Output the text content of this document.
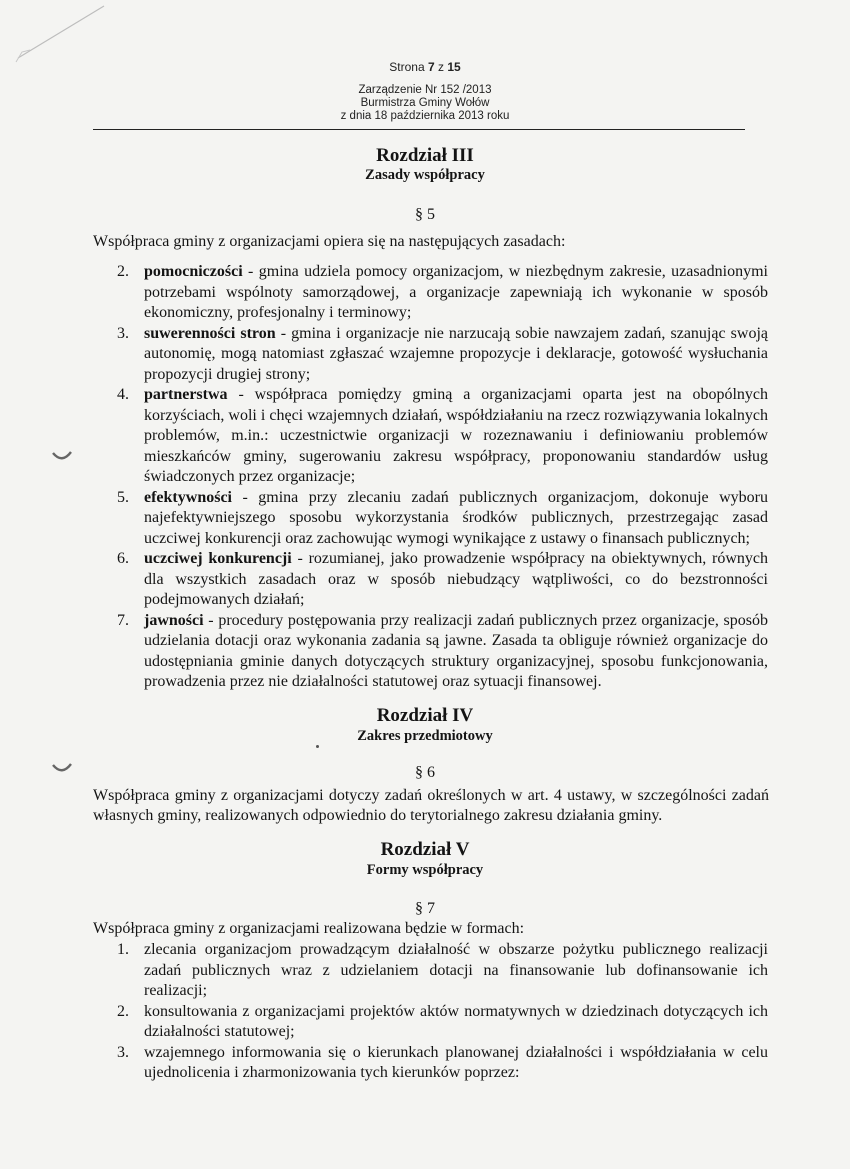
Strona 7 z 15
Zarządzenie Nr 152 /2013
Burmistrza Gminy Wołów
z dnia 18 października 2013 roku
Rozdział III
Zasady współpracy
§ 5
Współpraca gminy z organizacjami opiera się na następujących zasadach:
2. pomocniczości - gmina udziela pomocy organizacjom, w niezbędnym zakresie, uzasadnionymi potrzebami wspólnoty samorządowej, a organizacje zapewniają ich wykonanie w sposób ekonomiczny, profesjonalny i terminowy;
3. suwerenności stron - gmina i organizacje nie narzucają sobie nawzajem zadań, szanując swoją autonomię, mogą natomiast zgłaszać wzajemne propozycje i deklaracje, gotowość wysłuchania propozycji drugiej strony;
4. partnerstwa - współpraca pomiędzy gminą a organizacjami oparta jest na obopólnych korzyściach, woli i chęci wzajemnych działań, współdziałaniu na rzecz rozwiązywania lokalnych problemów, m.in.: uczestnictwie organizacji w rozeznawaniu i definiowaniu problemów mieszkańców gminy, sugerowaniu zakresu współpracy, proponowaniu standardów usług świadczonych przez organizacje;
5. efektywności - gmina przy zlecaniu zadań publicznych organizacjom, dokonuje wyboru najefektywniejszego sposobu wykorzystania środków publicznych, przestrzegając zasad uczciwej konkurencji oraz zachowując wymogi wynikające z ustawy o finansach publicznych;
6. uczciwej konkurencji - rozumianej, jako prowadzenie współpracy na obiektywnych, równych dla wszystkich zasadach oraz w sposób niebudzący wątpliwości, co do bezstronności podejmowanych działań;
7. jawności - procedury postępowania przy realizacji zadań publicznych przez organizacje, sposób udzielania dotacji oraz wykonania zadania są jawne. Zasada ta obliguje również organizacje do udostępniania gminie danych dotyczących struktury organizacyjnej, sposobu funkcjonowania, prowadzenia przez nie działalności statutowej oraz sytuacji finansowej.
Rozdział IV
Zakres przedmiotowy
§ 6
Współpraca gminy z organizacjami dotyczy zadań określonych w art. 4 ustawy, w szczególności zadań własnych gminy, realizowanych odpowiednio do terytorialnego zakresu działania gminy.
Rozdział V
Formy współpracy
§ 7
Współpraca gminy z organizacjami realizowana będzie w formach:
1. zlecania organizacjom prowadzącym działalność w obszarze pożytku publicznego realizacji zadań publicznych wraz z udzielaniem dotacji na finansowanie lub dofinansowanie ich realizacji;
2. konsultowania z organizacjami projektów aktów normatywnych w dziedzinach dotyczących ich działalności statutowej;
3. wzajemnego informowania się o kierunkach planowanej działalności i współdziałania w celu ujednolicenia i zharmonizowania tych kierunków poprzez:
